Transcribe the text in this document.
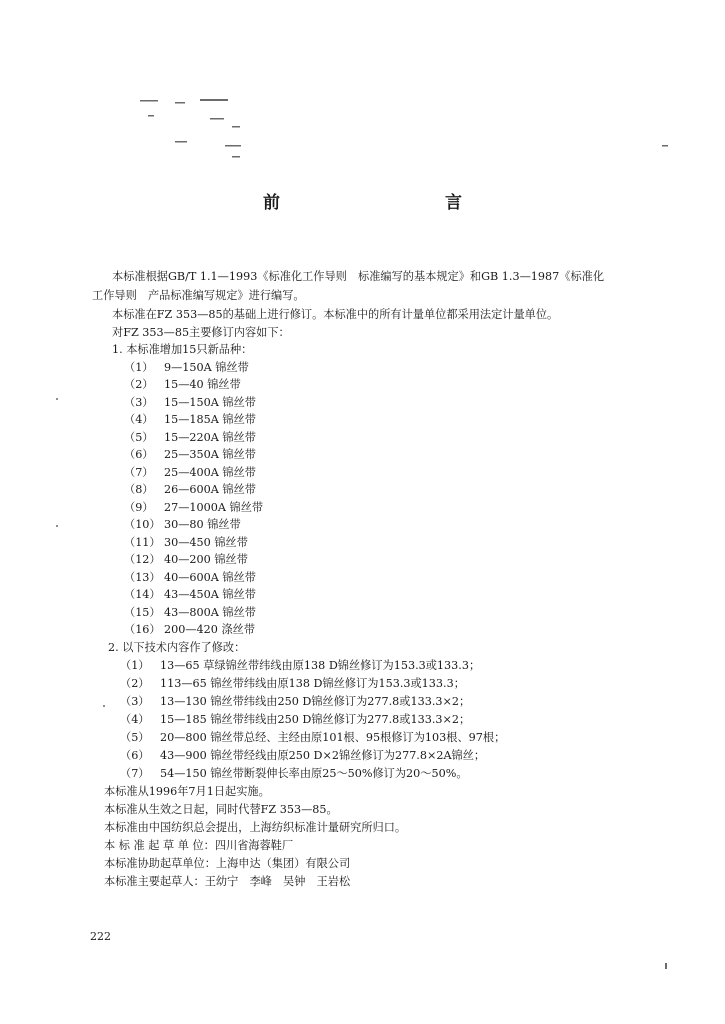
前　言
本标准根据GB/T 1.1—1993《标准化工作导则　标准编写的基本规定》和GB 1.3—1987《标准化
工作导则　产品标准编写规定》进行编写。
本标准在FZ 353—85的基础上进行修订。本标准中的所有计量单位都采用法定计量单位。
对FZ 353—85主要修订内容如下：
1. 本标准增加15只新品种：
（1） 9—150A 锦丝带
（2） 15—40 锦丝带
（3） 15—150A 锦丝带
（4） 15—185A 锦丝带
（5） 15—220A 锦丝带
（6） 25—350A 锦丝带
（7） 25—400A 锦丝带
（8） 26—600A 锦丝带
（9） 27—1000A 锦丝带
（10） 30—80 锦丝带
（11） 30—450 锦丝带
（12） 40—200 锦丝带
（13） 40—600A 锦丝带
（14） 43—450A 锦丝带
（15） 43—800A 锦丝带
（16） 200—420 涤丝带
2. 以下技术内容作了修改：
（1） 13—65 草绿锦丝带纬线由原138 D锦丝修订为153.3或133.3；
（2） 113—65 锦丝带纬线由原138 D锦丝修订为153.3或133.3；
（3） 13—130 锦丝带纬线由250 D锦丝修订为277.8或133.3×2；
（4） 15—185 锦丝带纬线由250 D锦丝修订为277.8或133.3×2；
（5） 20—800 锦丝带总经、主经由原101根、95根修订为103根、97根；
（6） 43—900 锦丝带经线由原250 D×2锦丝修订为277.8×2A锦丝；
（7） 54—150 锦丝带断裂伸长率由原25～50%修订为20～50%。
本标准从1996年7月1日起实施。
本标准从生效之日起，同时代替FZ 353—85。
本标准由中国纺织总会提出，上海纺织标准计量研究所归口。
本 标 准 起 草 单 位：四川省海蓉鞋厂
本标准协助起草单位：上海申达（集团）有限公司
本标准主要起草人：王幼宁　李峰　吴钟　王岩松
222
